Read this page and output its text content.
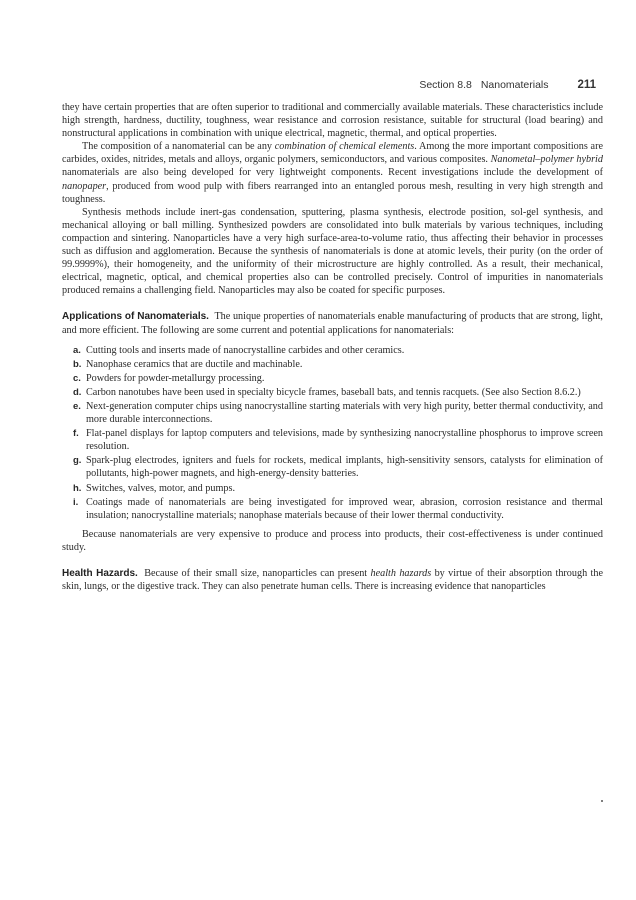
Section 8.8 Nanomaterials	211

they have certain properties that are often superior to traditional and commercially available materials. These characteristics include high strength, hardness, ductility, toughness, wear resistance and corrosion resistance, suitable for structural (load bearing) and nonstructural applications in combination with unique electrical, magnetic, thermal, and optical properties.

The composition of a nanomaterial can be any combination of chemical elements. Among the more important compositions are carbides, oxides, nitrides, metals and alloys, organic polymers, semiconductors, and various composites. Nanometal–polymer hybrid nanomaterials are also being developed for very lightweight components. Recent investigations include the development of nanopaper, produced from wood pulp with fibers rearranged into an entangled porous mesh, resulting in very high strength and toughness.

Synthesis methods include inert-gas condensation, sputtering, plasma synthesis, electrode position, sol-gel synthesis, and mechanical alloying or ball milling. Synthesized powders are consolidated into bulk materials by various techniques, including compaction and sintering. Nanoparticles have a very high surface-area-to-volume ratio, thus affecting their behavior in processes such as diffusion and agglomeration. Because the synthesis of nanomaterials is done at atomic levels, their purity (on the order of 99.9999%), their homogeneity, and the uniformity of their microstructure are highly controlled. As a result, their mechanical, electrical, magnetic, optical, and chemical properties also can be controlled precisely. Control of impurities in nanomaterials produced remains a challenging field. Nanoparticles may also be coated for specific purposes.

Applications of Nanomaterials. The unique properties of nanomaterials enable manufacturing of products that are strong, light, and more efficient. The following are some current and potential applications for nanomaterials:

a. Cutting tools and inserts made of nanocrystalline carbides and other ceramics.
b. Nanophase ceramics that are ductile and machinable.
c. Powders for powder-metallurgy processing.
d. Carbon nanotubes have been used in specialty bicycle frames, baseball bats, and tennis racquets. (See also Section 8.6.2.)
e. Next-generation computer chips using nanocrystalline starting materials with very high purity, better thermal conductivity, and more durable interconnections.
f. Flat-panel displays for laptop computers and televisions, made by synthesizing nanocrystalline phosphorus to improve screen resolution.
g. Spark-plug electrodes, igniters and fuels for rockets, medical implants, high-sensitivity sensors, catalysts for elimination of pollutants, high-power magnets, and high-energy-density batteries.
h. Switches, valves, motor, and pumps.
i. Coatings made of nanomaterials are being investigated for improved wear, abrasion, corrosion resistance and thermal insulation; nanocrystalline materials; nanophase materials because of their lower thermal conductivity.

Because nanomaterials are very expensive to produce and process into products, their cost-effectiveness is under continued study.

Health Hazards. Because of their small size, nanoparticles can present health hazards by virtue of their absorption through the skin, lungs, or the digestive track. They can also penetrate human cells. There is increasing evidence that nanoparticles
